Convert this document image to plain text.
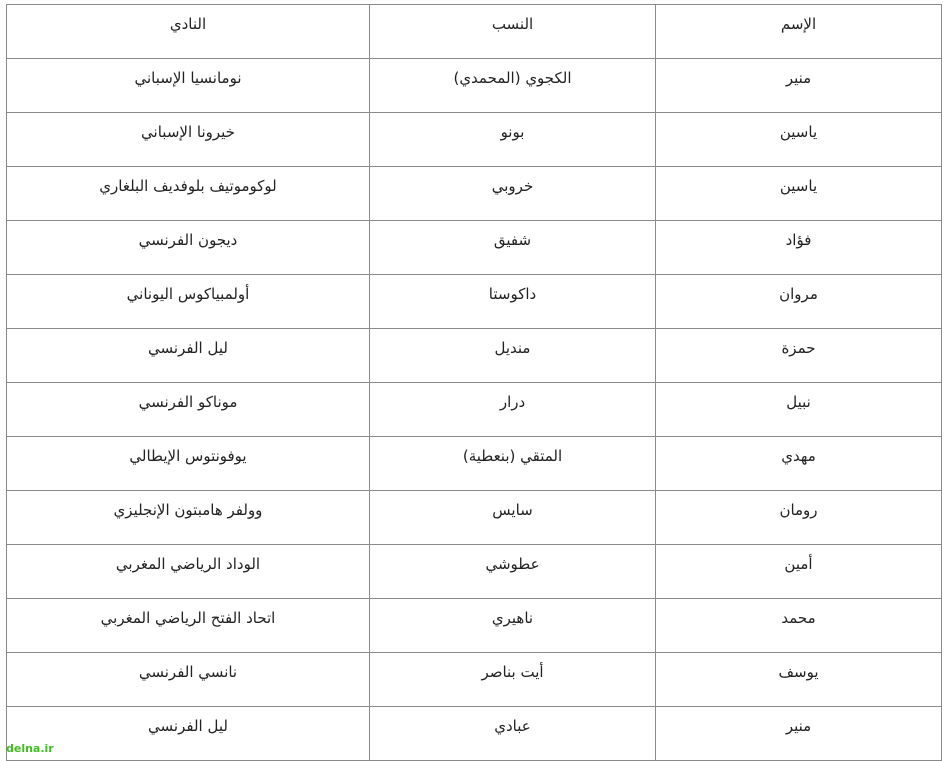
الإسم	النسب	النادي
منير	الكجوي (المحمدي)	نومانسيا الإسباني
ياسين	بونو	خيرونا الإسباني
ياسين	خروبي	لوكوموتيف بلوفديف البلغاري
فؤاد	شفيق	ديجون الفرنسي
مروان	داكوستا	أولمبياكوس اليوناني
حمزة	منديل	ليل الفرنسي
نبيل	درار	موناكو الفرنسي
مهدي	المتقي (بنعطية)	يوفونتوس الإيطالي
رومان	سايس	وولفر هامبتون الإنجليزي
أمين	عطوشي	الوداد الرياضي المغربي
محمد	ناهيري	اتحاد الفتح الرياضي المغربي
يوسف	أيت بناصر	نانسي الفرنسي
منير	عبادي	ليل الفرنسي
delna.ir
